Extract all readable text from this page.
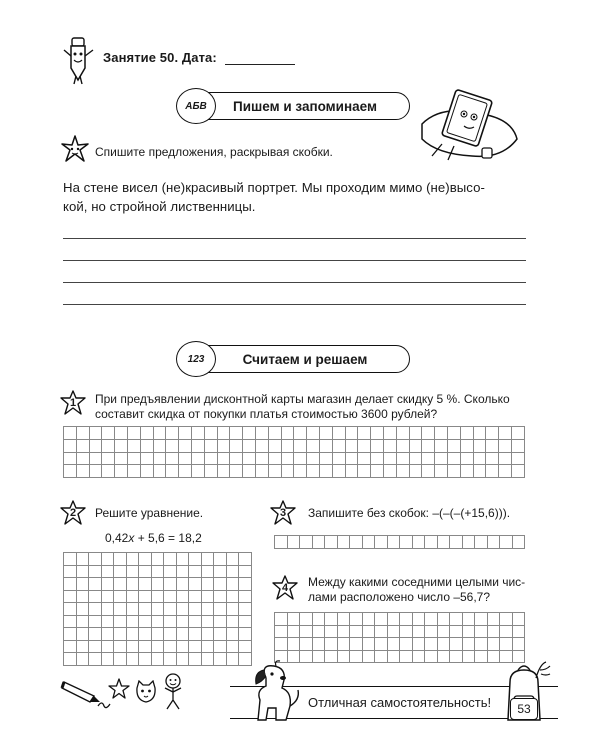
Занятие 50. Дата:
Пишем и запоминаем
АБВ
Спишите предложения, раскрывая скобки.
На стене висел (не)красивый портрет. Мы проходим мимо (не)высо-
кой, но стройной лиственницы.
Считаем и решаем
123
1	При предъявлении дисконтной карты магазин делает скидку 5 %. Сколько
составит скидка от покупки платья стоимостью 3600 рублей?
2	Решите уравнение.
0,42x + 5,6 = 18,2
3	Запишите без скобок: –(–(–(+15,6))).
4	Между какими соседними целыми чис-
лами расположено число –56,7?
Отличная самостоятельность!	53
